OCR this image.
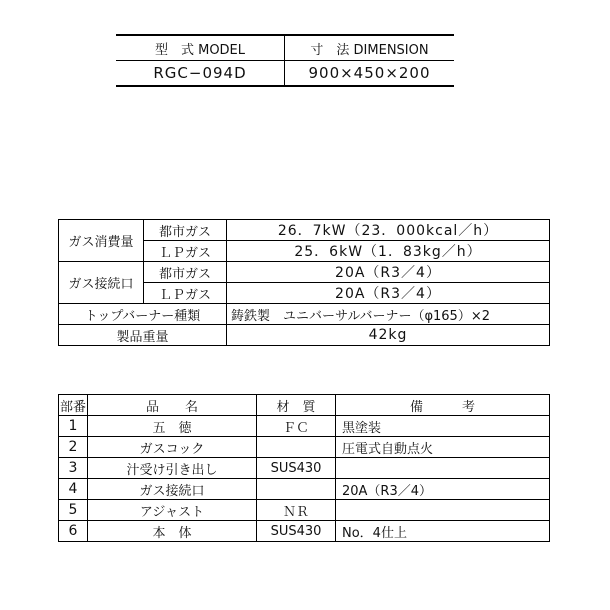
型　式 MODEL	寸　法 DIMENSION
RGC−094D	900×450×200
ガス消費量	都市ガス	26．7kW（23．000kcal／h）
	ＬＰガス	25．6kW（1．83kg／h）
ガス接続口	都市ガス	20A（R3／4）
	ＬＰガス	20A（R3／4）
トップバーナー種類		鋳鉄製　ユニバーサルバーナー（φ165）×2
製品重量		42kg
部番	品　　名	材　質	備　　　考
1	五　徳	ＦＣ	黒塗装
2	ガスコック		圧電式自動点火
3	汁受け引き出し	SUS430	
4	ガス接続口		20A（R3／4）
5	アジャスト	ＮＲ	
6	本　体	SUS430	No．4仕上
